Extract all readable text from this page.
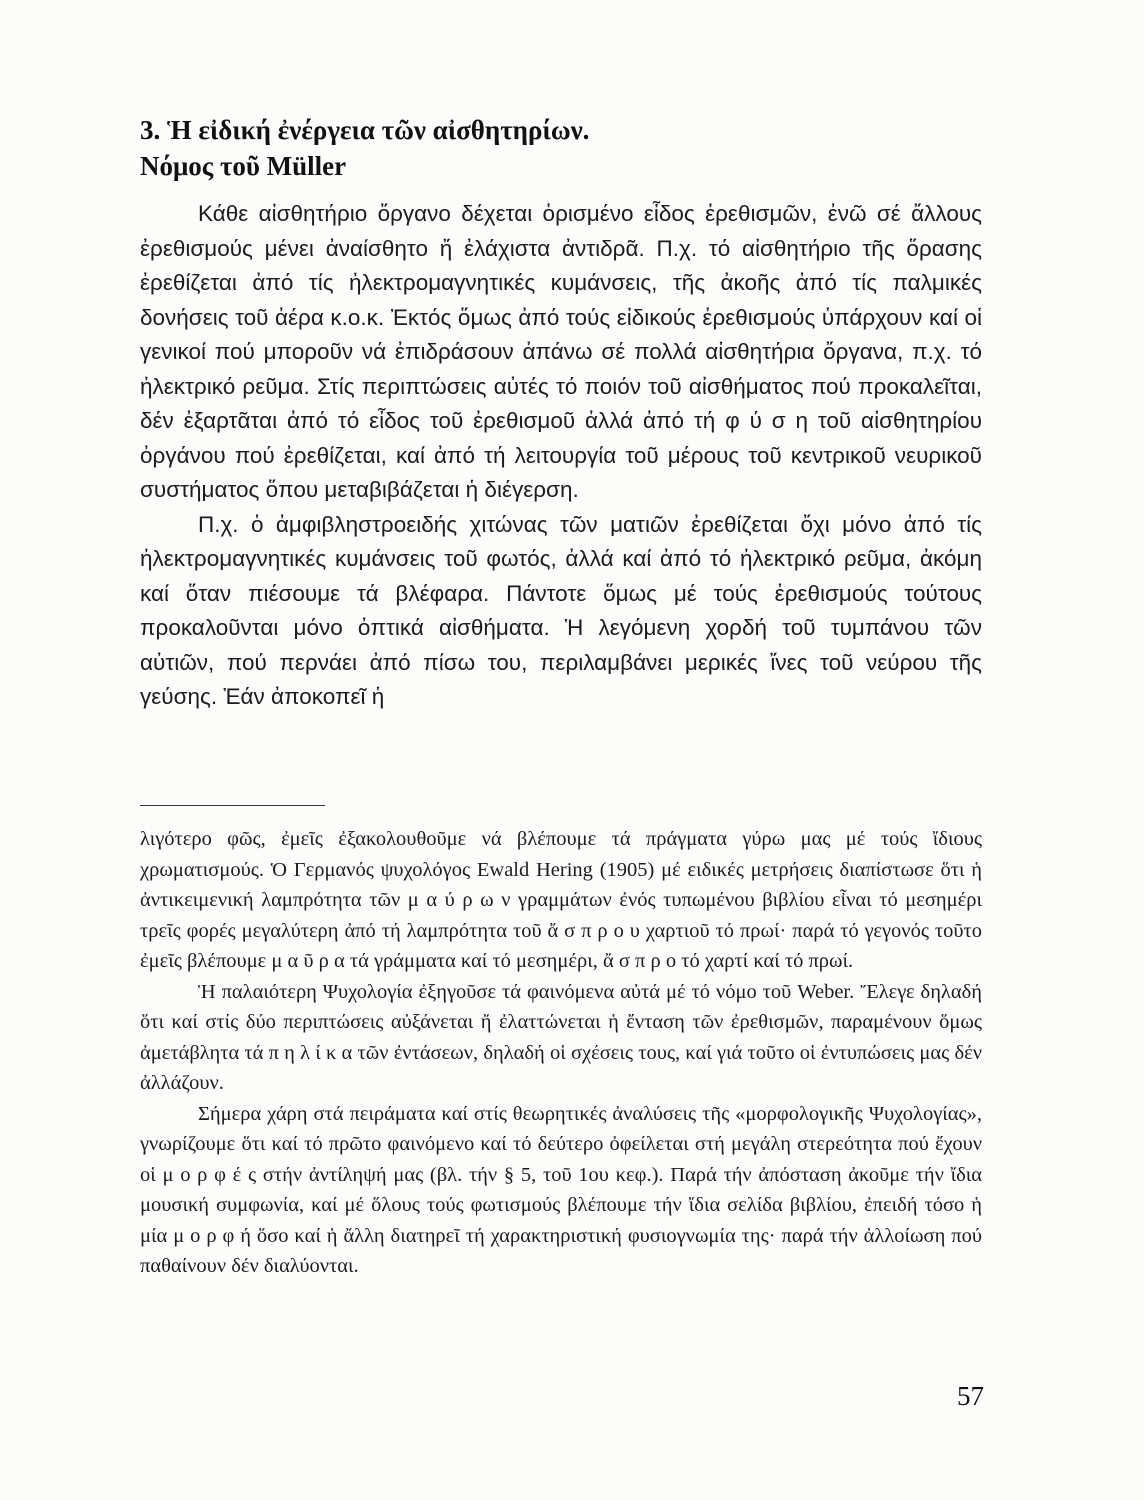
3. Ἡ εἰδική ἐνέργεια τῶν αἰσθητηρίων.
Νόμος τοῦ Müller

Κάθε αἰσθητήριο ὄργανο δέχεται ὁρισμένο εἶδος ἐρεθισμῶν, ἐνῶ σέ ἄλλους ἐρεθισμούς μένει ἀναίσθητο ἤ ἐλάχιστα ἀντιδρᾶ. Π.χ. τό αἰσθητήριο τῆς ὅρασης ἐρεθίζεται ἀπό τίς ἠλεκτρομαγνητικές κυμάνσεις, τῆς ἀκοῆς ἀπό τίς παλμικές δονήσεις τοῦ ἀέρα κ.ο.κ. Ἐκτός ὅμως ἀπό τούς εἰδικούς ἐρεθισμούς ὑπάρχουν καί οἱ γενικοί πού μποροῦν νά ἐπιδράσουν ἀπάνω σέ πολλά αἰσθητήρια ὄργανα, π.χ. τό ἠλεκτρικό ρεῦμα. Στίς περιπτώσεις αὐτές τό ποιόν τοῦ αἰσθήματος πού προκαλεῖται, δέν ἐξαρτᾶται ἀπό τό εἶδος τοῦ ἐρεθισμοῦ ἀλλά ἀπό τή φ ύ σ η τοῦ αἰσθητηρίου ὀργάνου πού ἐρεθίζεται, καί ἀπό τή λειτουργία τοῦ μέρους τοῦ κεντρικοῦ νευρικοῦ συστήματος ὅπου μεταβιβάζεται ἡ διέγερση.

Π.χ. ὁ ἀμφιβληστροειδής χιτώνας τῶν ματιῶν ἐρεθίζεται ὄχι μόνο ἀπό τίς ἠλεκτρομαγνητικές κυμάνσεις τοῦ φωτός, ἀλλά καί ἀπό τό ἠλεκτρικό ρεῦμα, ἀκόμη καί ὅταν πιέσουμε τά βλέφαρα. Πάντοτε ὅμως μέ τούς ἐρεθισμούς τούτους προκαλοῦνται μόνο ὀπτικά αἰσθήματα. Ἡ λεγόμενη χορδή τοῦ τυμπάνου τῶν αὐτιῶν, πού περνάει ἀπό πίσω του, περιλαμβάνει μερικές ἴνες τοῦ νεύρου τῆς γεύσης. Ἐάν ἀποκοπεῖ ἡ

λιγότερο φῶς, ἐμεῖς ἐξακολουθοῦμε νά βλέπουμε τά πράγματα γύρω μας μέ τούς ἴδιους χρωματισμούς. Ὁ Γερμανός ψυχολόγος Ewald Hering (1905) μέ ειδικές μετρήσεις διαπίστωσε ὅτι ἡ ἀντικειμενική λαμπρότητα τῶν μ α ύ ρ ω ν γραμμάτων ἐνός τυπωμένου βιβλίου εἶναι τό μεσημέρι τρεῖς φορές μεγαλύτερη ἀπό τή λαμπρότητα τοῦ ἄ σ π ρ ο υ χαρτιοῦ τό πρωί· παρά τό γεγονός τοῦτο ἐμεῖς βλέπουμε μ α ῦ ρ α τά γράμματα καί τό μεσημέρι, ἄ σ π ρ ο τό χαρτί καί τό πρωί.

Ἡ παλαιότερη Ψυχολογία ἐξηγοῦσε τά φαινόμενα αὐτά μέ τό νόμο τοῦ Weber. Ἔλεγε δηλαδή ὅτι καί στίς δύο περιπτώσεις αὐξάνεται ἤ ἐλαττώνεται ἡ ἔνταση τῶν ἐρεθισμῶν, παραμένουν ὅμως ἀμετάβλητα τά π η λ ί κ α τῶν ἐντάσεων, δηλαδή οἱ σχέσεις τους, καί γιά τοῦτο οἱ ἐντυπώσεις μας δέν ἀλλάζουν.

Σήμερα χάρη στά πειράματα καί στίς θεωρητικές ἀναλύσεις τῆς «μορφολογικῆς Ψυχολογίας», γνωρίζουμε ὅτι καί τό πρῶτο φαινόμενο καί τό δεύτερο ὀφείλεται στή μεγάλη στερεότητα πού ἔχουν οἱ μ ο ρ φ έ ς στήν ἀντίληψή μας (βλ. τήν § 5, τοῦ 1ου κεφ.). Παρά τήν ἀπόσταση ἀκοῦμε τήν ἴδια μουσική συμφωνία, καί μέ ὅλους τούς φωτισμούς βλέπουμε τήν ἴδια σελίδα βιβλίου, ἐπειδή τόσο ἡ μία μ ο ρ φ ή ὅσο καί ἡ ἄλλη διατηρεῖ τή χαρακτηριστική φυσιογνωμία της· παρά τήν ἀλλοίωση πού παθαίνουν δέν διαλύονται.

57
